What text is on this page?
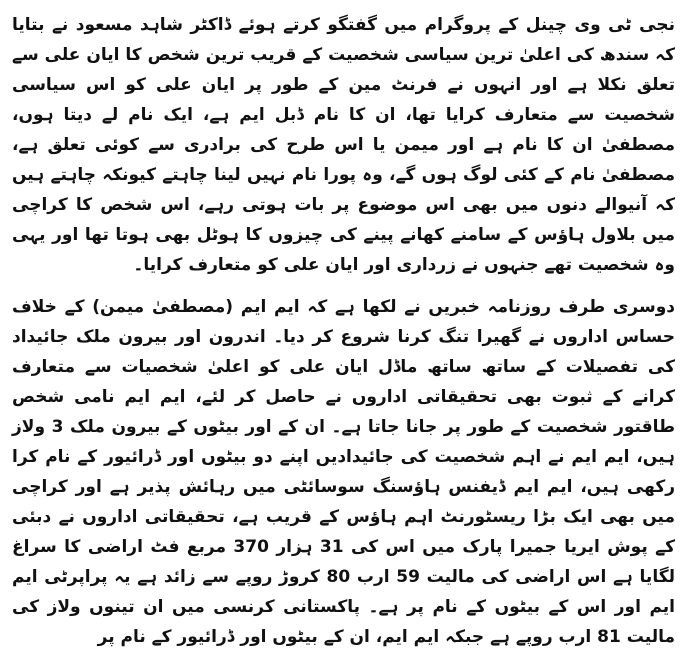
نجی ٹی وی چینل کے پروگرام میں گفتگو کرتے ہوئے ڈاکٹر شاہد مسعود نے بتایا کہ سندھ کی اعلیٰ ترین سیاسی شخصیت کے قریب ترین شخص کا ایان علی سے تعلق نکلا ہے اور انہوں نے فرنٹ مین کے طور پر ایان علی کو اس سیاسی شخصیت سے متعارف کرایا تھا، ان کا نام ڈبل ایم ہے، ایک نام لے دیتا ہوں، مصطفیٰ ان کا نام ہے اور میمن یا اس طرح کی برادری سے کوئی تعلق ہے، مصطفیٰ نام کے کئی لوگ ہوں گے، وہ پورا نام نہیں لینا چاہتے کیونکہ چاہتے ہیں کہ آنیوالے دنوں میں بھی اس موضوع پر بات ہوتی رہے، اس شخص کا کراچی میں بلاول ہاؤس کے سامنے کھانے پینے کی چیزوں کا ہوٹل بھی ہوتا تھا اور یہی وہ شخصیت تھے جنہوں نے زرداری اور ایان علی کو متعارف کرایا۔

دوسری طرف روزنامہ خبریں نے لکھا ہے کہ ایم ایم (مصطفیٰ میمن) کے خلاف حساس اداروں نے گھیرا تنگ کرنا شروع کر دیا۔ اندرون اور بیرون ملک جائیداد کی تفصیلات کے ساتھ ساتھ ماڈل ایان علی کو اعلیٰ شخصیات سے متعارف کرانے کے ثبوت بھی تحقیقاتی اداروں نے حاصل کر لئے، ایم ایم نامی شخص طاقتور شخصیت کے طور پر جانا جاتا ہے۔ ان کے اور بیٹوں کے بیرون ملک 3 ولاز ہیں، ایم ایم نے اہم شخصیت کی جائیدادیں اپنے دو بیٹوں اور ڈرائیور کے نام کرا رکھی ہیں، ایم ایم ڈیفنس ہاؤسنگ سوسائٹی میں رہائش پذیر ہے اور کراچی میں بھی ایک بڑا ریسٹورنٹ اہم ہاؤس کے قریب ہے، تحقیقاتی اداروں نے دبئی کے پوش ایریا جمیرا پارک میں اس کی 31 ہزار 370 مربع فٹ اراضی کا سراغ لگایا ہے اس اراضی کی مالیت 59 ارب 80 کروڑ روپے سے زائد ہے یہ پراپرٹی ایم ایم اور اس کے بیٹوں کے نام پر ہے۔ پاکستانی کرنسی میں ان تینوں ولاز کی مالیت 81 ارب روپے ہے جبکہ ایم ایم، ان کے بیٹوں اور ڈرائیور کے نام پر
